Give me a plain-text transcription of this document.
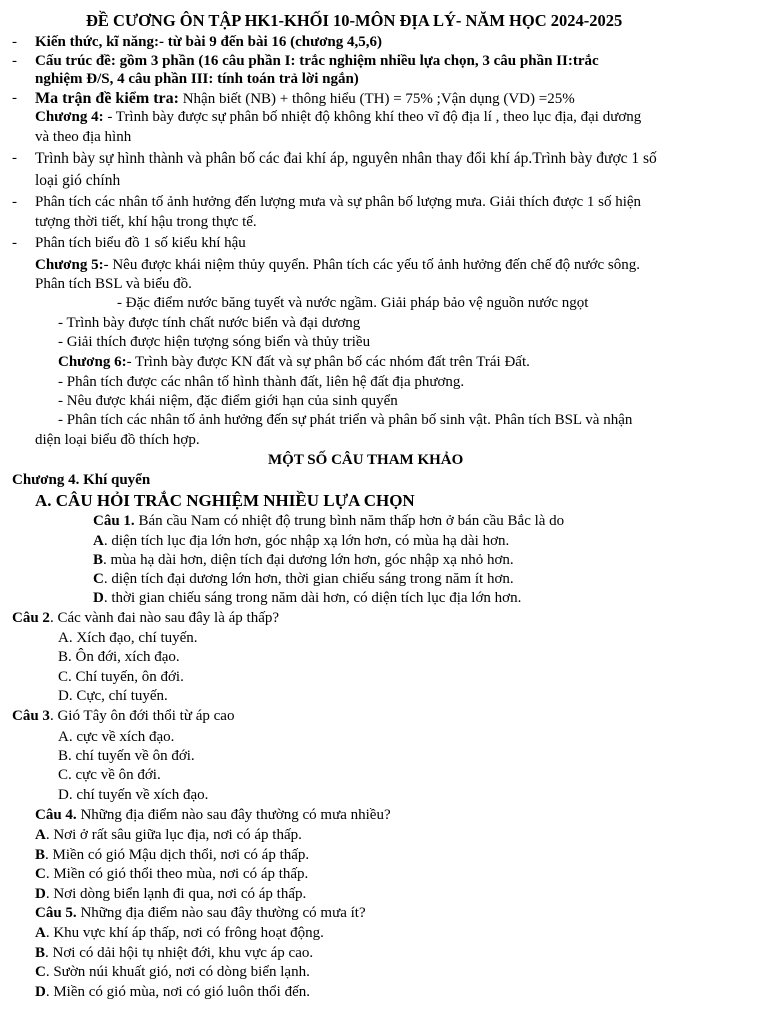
ĐỀ CƯƠNG ÔN TẬP HK1-KHỐI 10-MÔN ĐỊA LÝ- NĂM HỌC 2024-2025
- Kiến thức, kĩ năng:- từ bài 9 đến bài 16 (chương 4,5,6)
- Cấu trúc đề: gồm 3 phần (16 câu phần I: trắc nghiệm nhiều lựa chọn, 3 câu phần II:trắc
nghiệm Đ/S, 4 câu phần III: tính toán trả lời ngắn)
- Ma trận đề kiểm tra: Nhận biết (NB) + thông hiểu (TH) = 75% ;Vận dụng (VD) =25%
Chương 4: - Trình bày được sự phân bố nhiệt độ không khí theo vĩ độ địa lí , theo lục địa, đại dương
và theo địa hình
- Trình bày sự hình thành và phân bố các đai khí áp, nguyên nhân thay đổi khí áp.Trình bày được 1 số
loại gió chính
- Phân tích các nhân tố ảnh hưởng đến lượng mưa và sự phân bố lượng mưa. Giải thích được 1 số hiện
tượng thời tiết, khí hậu trong thực tế.
- Phân tích biểu đồ 1 số kiểu khí hậu
Chương 5:- Nêu được khái niệm thủy quyển. Phân tích các yếu tố ảnh hưởng đến chế độ nước sông.
Phân tích BSL và biểu đồ.
- Đặc điểm nước băng tuyết và nước ngầm. Giải pháp bảo vệ nguồn nước ngọt
- Trình bày được tính chất nước biển và đại dương
- Giải thích được hiện tượng sóng biển và thủy triều
Chương 6:- Trình bày được KN đất và sự phân bố các nhóm đất trên Trái Đất.
- Phân tích được các nhân tố hình thành đất, liên hệ đất địa phương.
- Nêu được khái niệm, đặc điểm giới hạn của sinh quyển
- Phân tích các nhân tố ảnh hưởng đến sự phát triển và phân bố sinh vật. Phân tích BSL và nhận
diện loại biểu đồ thích hợp.
MỘT SỐ CÂU THAM KHẢO
Chương 4. Khí quyển
A. CÂU HỎI TRẮC NGHIỆM NHIỀU LỰA CHỌN
Câu 1. Bán cầu Nam có nhiệt độ trung bình năm thấp hơn ở bán cầu Bắc là do
A. diện tích lục địa lớn hơn, góc nhập xạ lớn hơn, có mùa hạ dài hơn.
B. mùa hạ dài hơn, diện tích đại dương lớn hơn, góc nhập xạ nhỏ hơn.
C. diện tích đại dương lớn hơn, thời gian chiếu sáng trong năm ít hơn.
D. thời gian chiếu sáng trong năm dài hơn, có diện tích lục địa lớn hơn.
Câu 2. Các vành đai nào sau đây là áp thấp?
A. Xích đạo, chí tuyến.
B. Ôn đới, xích đạo.
C. Chí tuyến, ôn đới.
D. Cực, chí tuyến.
Câu 3. Gió Tây ôn đới thổi từ áp cao
A. cực về xích đạo.
B. chí tuyến về ôn đới.
C. cực về ôn đới.
D. chí tuyến về xích đạo.
Câu 4. Những địa điểm nào sau đây thường có mưa nhiều?
A. Nơi ở rất sâu giữa lục địa, nơi có áp thấp.
B. Miền có gió Mậu dịch thổi, nơi có áp thấp.
C. Miền có gió thổi theo mùa, nơi có áp thấp.
D. Nơi dòng biển lạnh đi qua, nơi có áp thấp.
Câu 5. Những địa điểm nào sau đây thường có mưa ít?
A. Khu vực khí áp thấp, nơi có frông hoạt động.
B. Nơi có dải hội tụ nhiệt đới, khu vực áp cao.
C. Sườn núi khuất gió, nơi có dòng biển lạnh.
D. Miền có gió mùa, nơi có gió luôn thổi đến.
